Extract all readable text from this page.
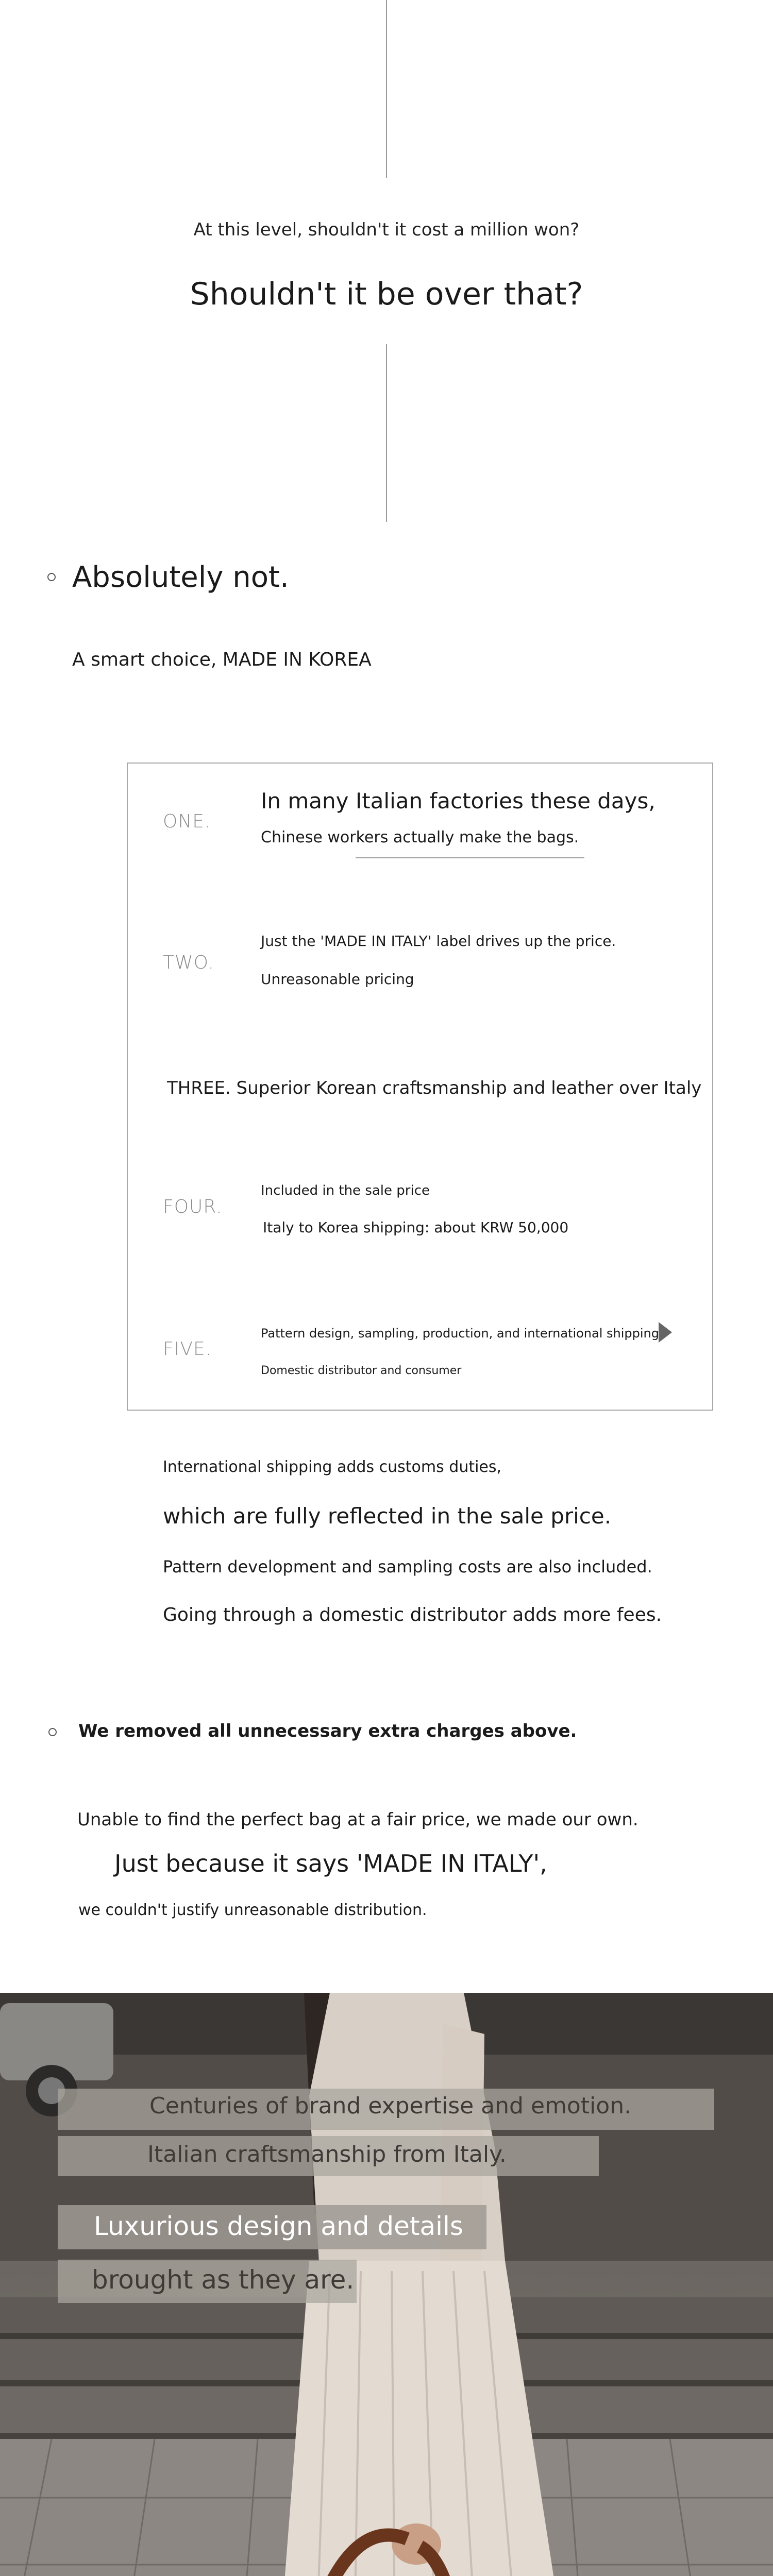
At this level, shouldn't it cost a million won?
Shouldn't it be over that?
Absolutely not.
A smart choice, MADE IN KOREA
ONE.
In many Italian factories these days,
Chinese workers actually make the bags.
TWO.
Just the 'MADE IN ITALY' label drives up the price.
Unreasonable pricing
THREE. Superior Korean craftsmanship and leather over Italy
FOUR.
Included in the sale price
Italy to Korea shipping: about KRW 50,000
FIVE.
Pattern design, sampling, production, and international shipping
Domestic distributor and consumer
International shipping adds customs duties,
which are fully reflected in the sale price.
Pattern development and sampling costs are also included.
Going through a domestic distributor adds more fees.
We removed all unnecessary extra charges above.
Unable to find the perfect bag at a fair price, we made our own.
Just because it says 'MADE IN ITALY',
we couldn't justify unreasonable distribution.
Centuries of brand expertise and emotion.
Italian craftsmanship from Italy.
Luxurious design and details
brought as they are.
